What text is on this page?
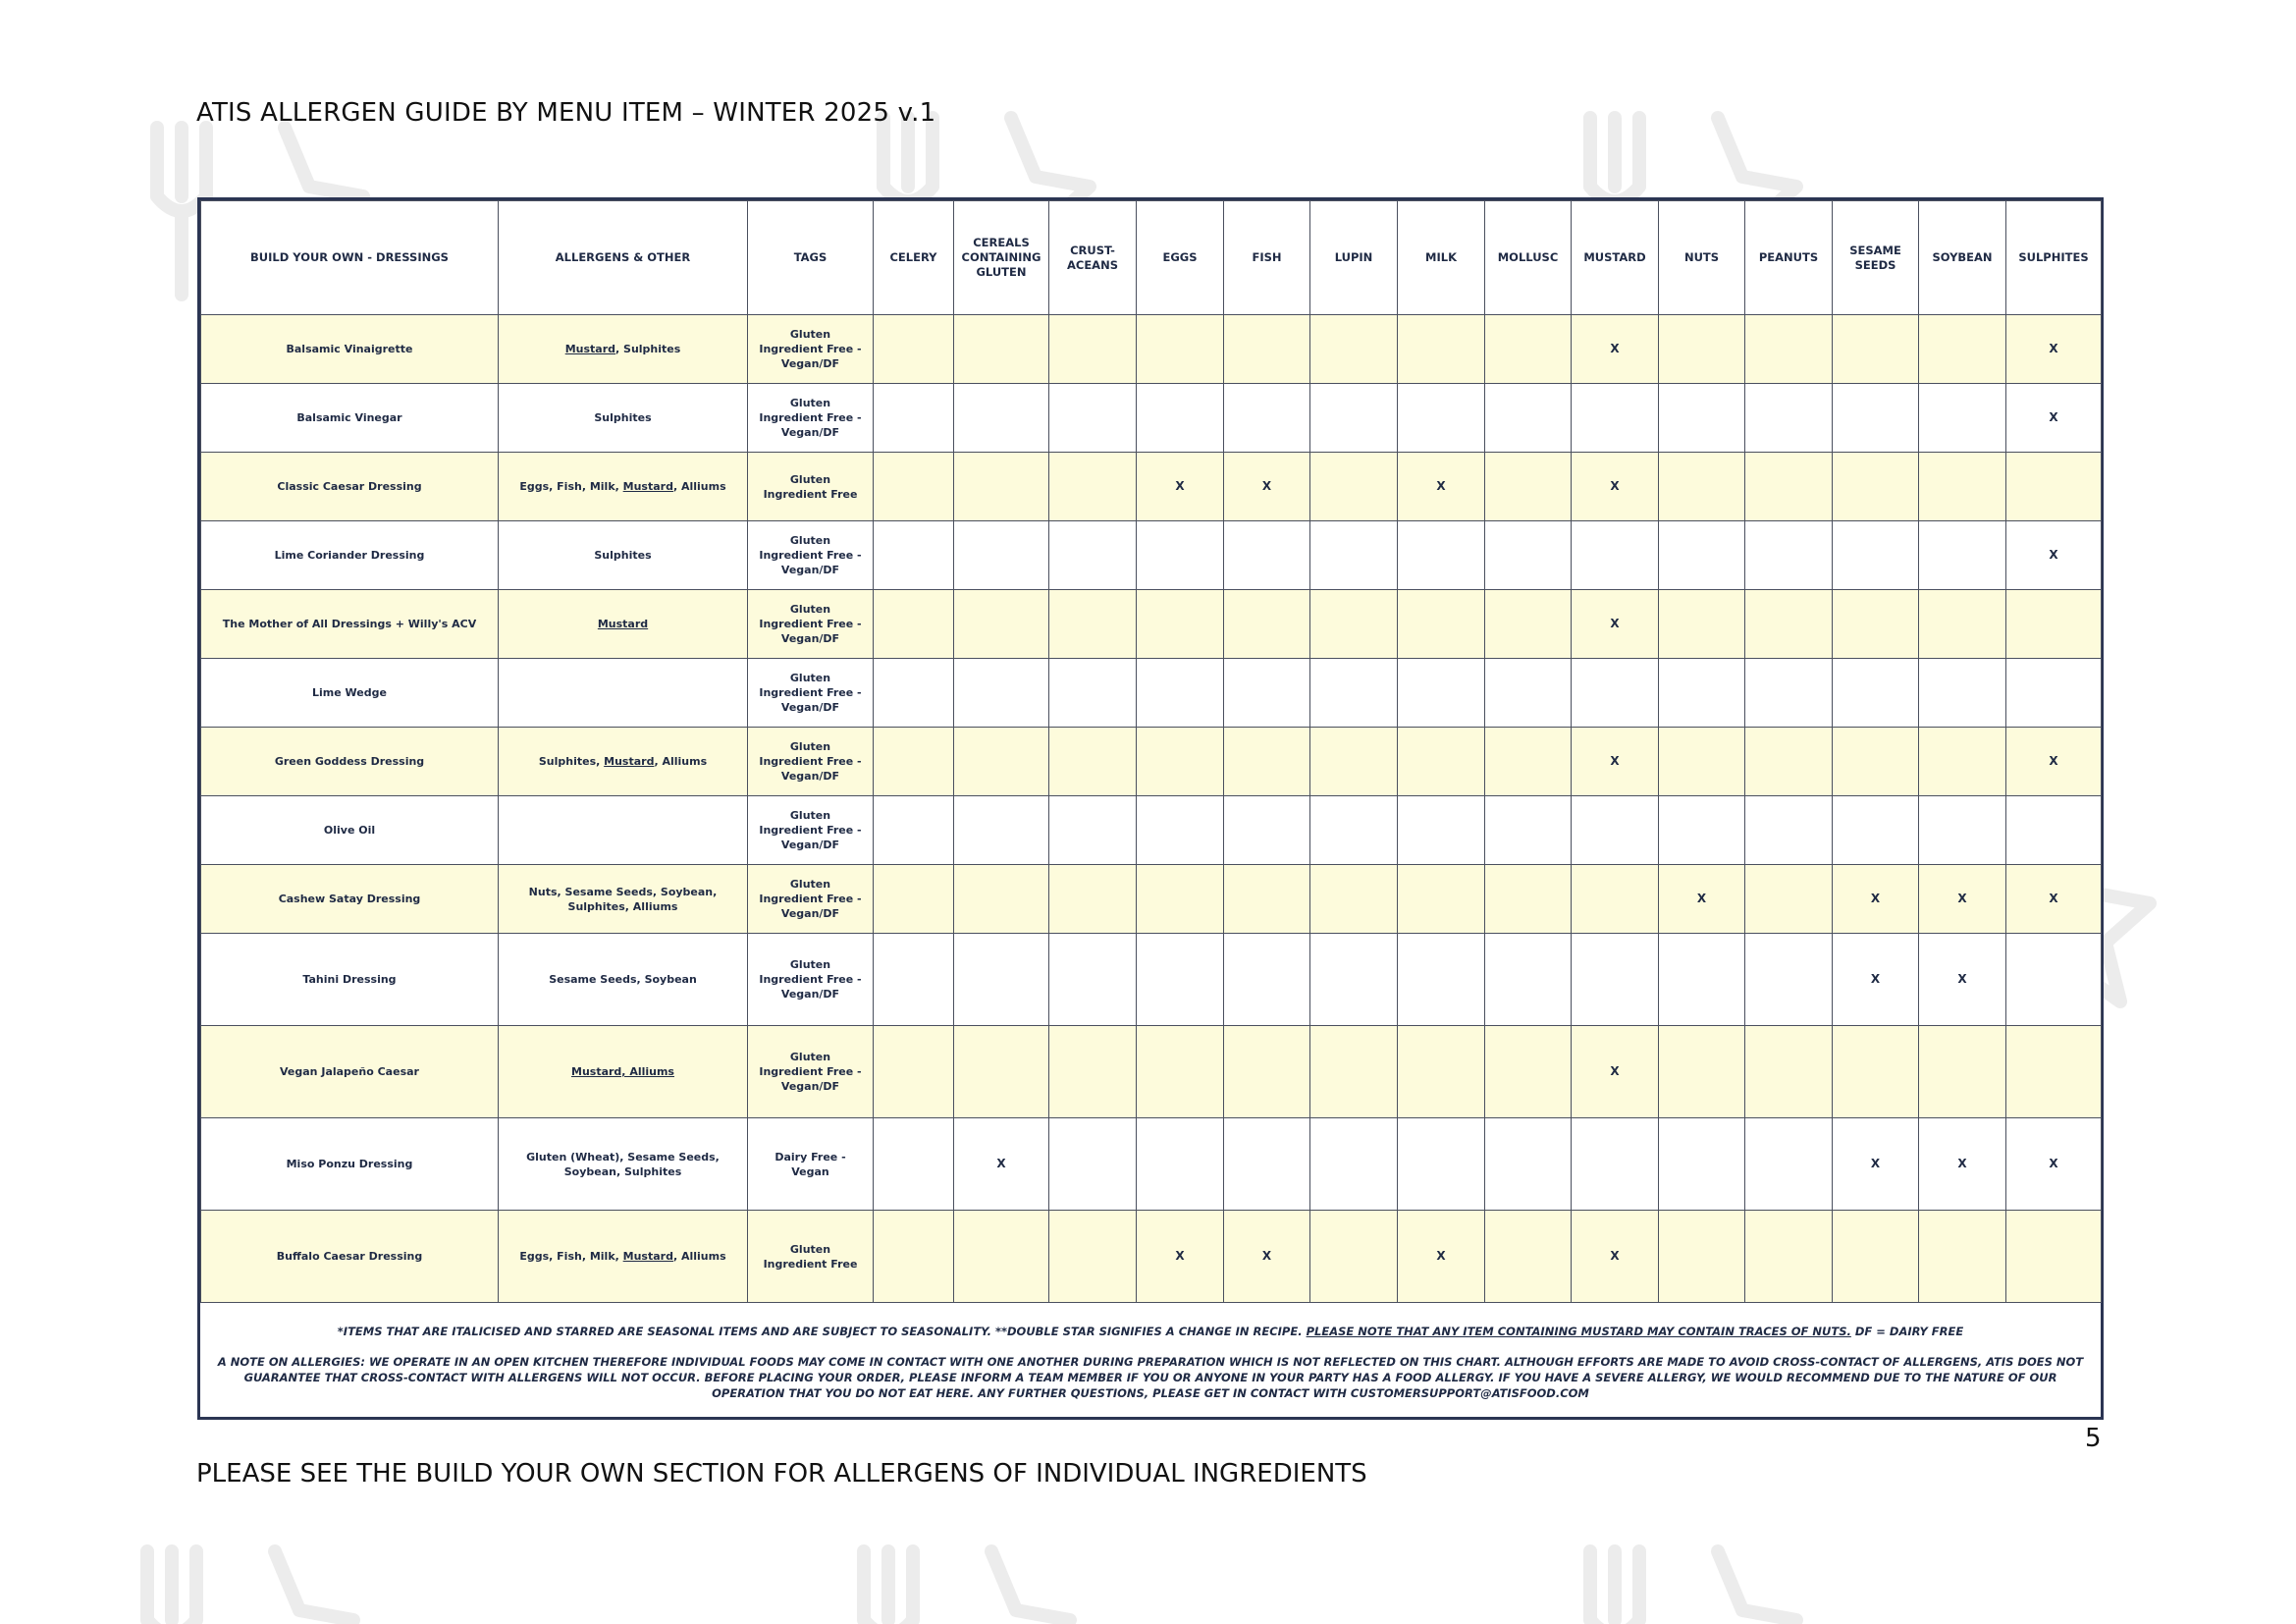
ATIS ALLERGEN GUIDE BY MENU ITEM – WINTER 2025 v.1
BUILD YOUR OWN - DRESSINGS	ALLERGENS & OTHER	TAGS	CELERY	CEREALS CONTAINING GLUTEN	CRUST- ACEANS	EGGS	FISH	LUPIN	MILK	MOLLUSC	MUSTARD	NUTS	PEANUTS	SESAME SEEDS	SOYBEAN	SULPHITES
Balsamic Vinaigrette	Mustard, Sulphites	Gluten Ingredient Free - Vegan/DF									X					X
Balsamic Vinegar	Sulphites	Gluten Ingredient Free - Vegan/DF														X
Classic Caesar Dressing	Eggs, Fish, Milk, Mustard, Alliums	Gluten Ingredient Free				X	X		X		X					
Lime Coriander Dressing	Sulphites	Gluten Ingredient Free - Vegan/DF														X
The Mother of All Dressings + Willy's ACV	Mustard	Gluten Ingredient Free - Vegan/DF									X					
Lime Wedge		Gluten Ingredient Free - Vegan/DF														
Green Goddess Dressing	Sulphites, Mustard, Alliums	Gluten Ingredient Free - Vegan/DF									X					X
Olive Oil		Gluten Ingredient Free - Vegan/DF														
Cashew Satay Dressing	Nuts, Sesame Seeds, Soybean, Sulphites, Alliums	Gluten Ingredient Free - Vegan/DF										X		X	X	X
Tahini Dressing	Sesame Seeds, Soybean	Gluten Ingredient Free - Vegan/DF												X	X	
Vegan Jalapeño Caesar	Mustard, Alliums	Gluten Ingredient Free - Vegan/DF									X					
Miso Ponzu Dressing	Gluten (Wheat), Sesame Seeds, Soybean, Sulphites	Dairy Free - Vegan		X										X	X	X
Buffalo Caesar Dressing	Eggs, Fish, Milk, Mustard, Alliums	Gluten Ingredient Free				X	X		X		X					
*ITEMS THAT ARE ITALICISED AND STARRED ARE SEASONAL ITEMS AND ARE SUBJECT TO SEASONALITY. **DOUBLE STAR SIGNIFIES A CHANGE IN RECIPE. PLEASE NOTE THAT ANY ITEM CONTAINING MUSTARD MAY CONTAIN TRACES OF NUTS. DF = DAIRY FREE
A NOTE ON ALLERGIES: WE OPERATE IN AN OPEN KITCHEN THEREFORE INDIVIDUAL FOODS MAY COME IN CONTACT WITH ONE ANOTHER DURING PREPARATION WHICH IS NOT REFLECTED ON THIS CHART. ALTHOUGH EFFORTS ARE MADE TO AVOID CROSS-CONTACT OF ALLERGENS, ATIS DOES NOT GUARANTEE THAT CROSS-CONTACT WITH ALLERGENS WILL NOT OCCUR. BEFORE PLACING YOUR ORDER, PLEASE INFORM A TEAM MEMBER IF YOU OR ANYONE IN YOUR PARTY HAS A FOOD ALLERGY. IF YOU HAVE A SEVERE ALLERGY, WE WOULD RECOMMEND DUE TO THE NATURE OF OUR OPERATION THAT YOU DO NOT EAT HERE. ANY FURTHER QUESTIONS, PLEASE GET IN CONTACT WITH CUSTOMERSUPPORT@ATISFOOD.COM
5
PLEASE SEE THE BUILD YOUR OWN SECTION FOR ALLERGENS OF INDIVIDUAL INGREDIENTS
